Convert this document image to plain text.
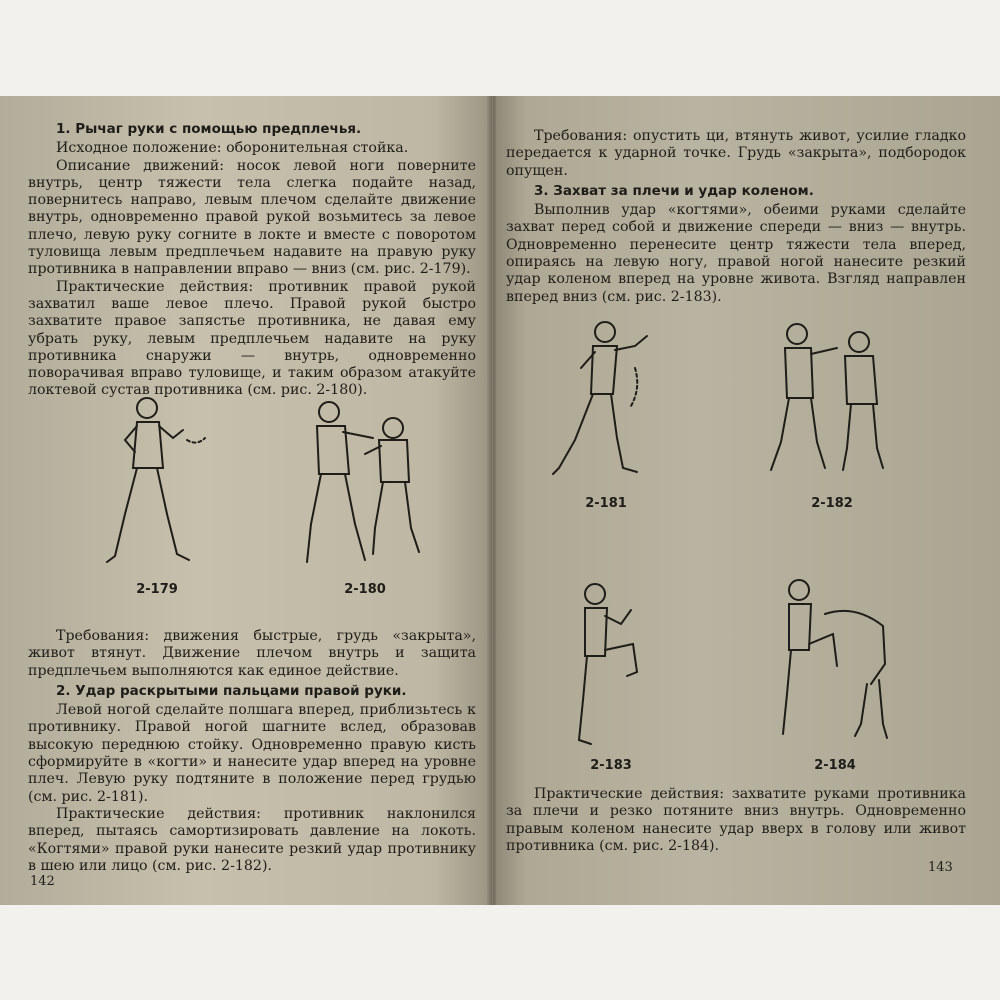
1. Рычаг руки с помощью предплечья.

Исходное положение: оборонительная стойка.

Описание движений: носок левой ноги поверните внутрь, центр тяжести тела слегка подайте назад, повернитесь направо, левым плечом сделайте движение внутрь, одновременно правой рукой возьмитесь за левое плечо, левую руку согните в локте и вместе с поворотом туловища левым предплечьем надавите на правую руку противника в направлении вправо — вниз (см. рис. 2-179).

Практические действия: противник правой рукой захватил ваше левое плечо. Правой рукой быстро захватите правое запястье противника, не давая ему убрать руку, левым предплечьем надавите на руку противника снаружи — внутрь, одновременно поворачивая вправо туловище, и таким образом атакуйте локтевой сустав противника (см. рис. 2-180).

2-179	2-180

Требования: движения быстрые, грудь «закрыта», живот втянут. Движение плечом внутрь и защита предплечьем выполняются как единое действие.

2. Удар раскрытыми пальцами правой руки.

Левой ногой сделайте полшага вперед, приблизьтесь к противнику. Правой ногой шагните вслед, образовав высокую переднюю стойку. Одновременно правую кисть сформируйте в «когти» и нанесите удар вперед на уровне плеч. Левую руку подтяните в положение перед грудью (см. рис. 2-181).

Практические действия: противник наклонился вперед, пытаясь самортизировать давление на локоть. «Когтями» правой руки нанесите резкий удар противнику в шею или лицо (см. рис. 2-182).

142

Требования: опустить ци, втянуть живот, усилие гладко передается к ударной точке. Грудь «закрыта», подбородок опущен.

3. Захват за плечи и удар коленом.

Выполнив удар «когтями», обеими руками сделайте захват перед собой и движение спереди — вниз — внутрь. Одновременно перенесите центр тяжести тела вперед, опираясь на левую ногу, правой ногой нанесите резкий удар коленом вперед на уровне живота. Взгляд направлен вперед вниз (см. рис. 2-183).

2-181	2-182
2-183	2-184

Практические действия: захватите руками противника за плечи и резко потяните вниз внутрь. Одновременно правым коленом нанесите удар вверх в голову или живот противника (см. рис. 2-184).

143
